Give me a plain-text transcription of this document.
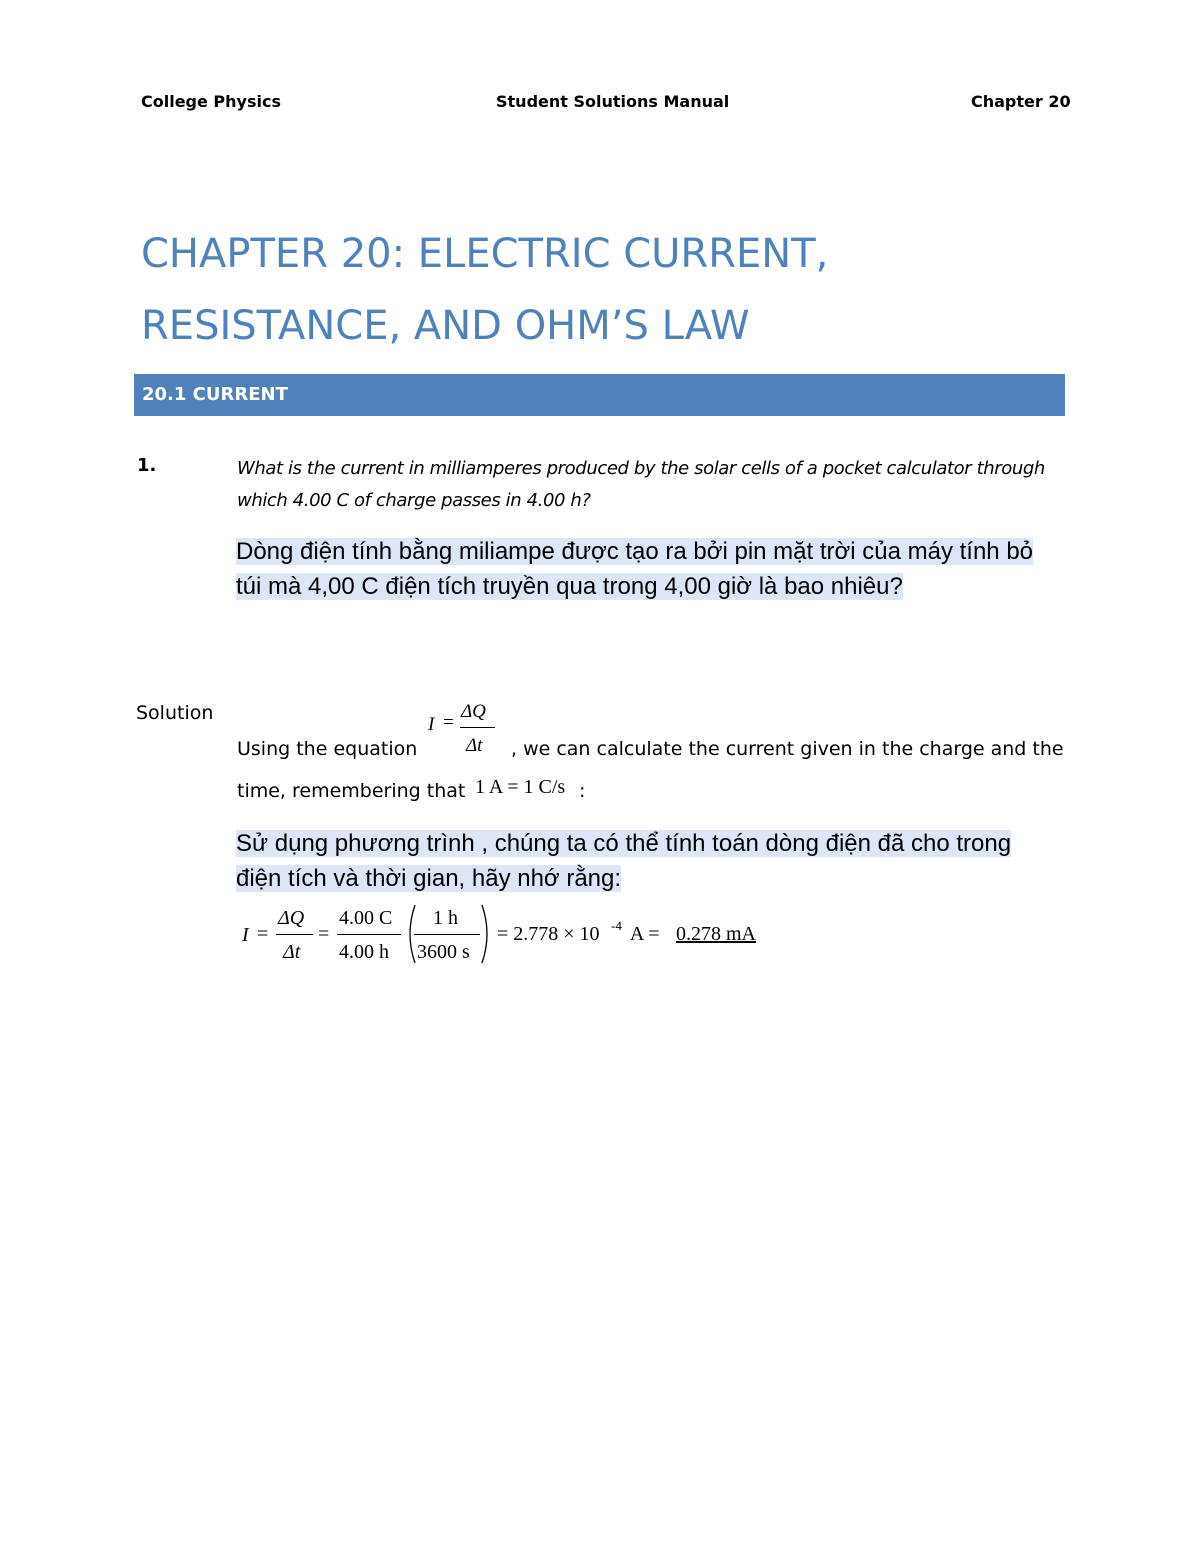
College Physics	Student Solutions Manual	Chapter 20
CHAPTER 20: ELECTRIC CURRENT,
RESISTANCE, AND OHM’S LAW
20.1 CURRENT
1.	What is the current in milliamperes produced by the solar cells of a pocket calculator through which 4.00 C of charge passes in 4.00 h?
Dòng điện tính bằng miliampe được tạo ra bởi pin mặt trời của máy tính bỏ túi mà 4,00 C điện tích truyền qua trong 4,00 giờ là bao nhiêu?
Solution
Using the equation
I =
ΔQ
Δt , we can calculate the current given in the charge and the
time, remembering that 1 A = 1 C/s :
Sử dụng phương trình , chúng ta có thể tính toán dòng điện đã cho trong điện tích và thời gian, hãy nhớ rằng:
I =
ΔQ
Δt
=
4.00 C
4.00 h
1 h
3600 s
= 2.778 × 10 -4 A = 0.278 mA
